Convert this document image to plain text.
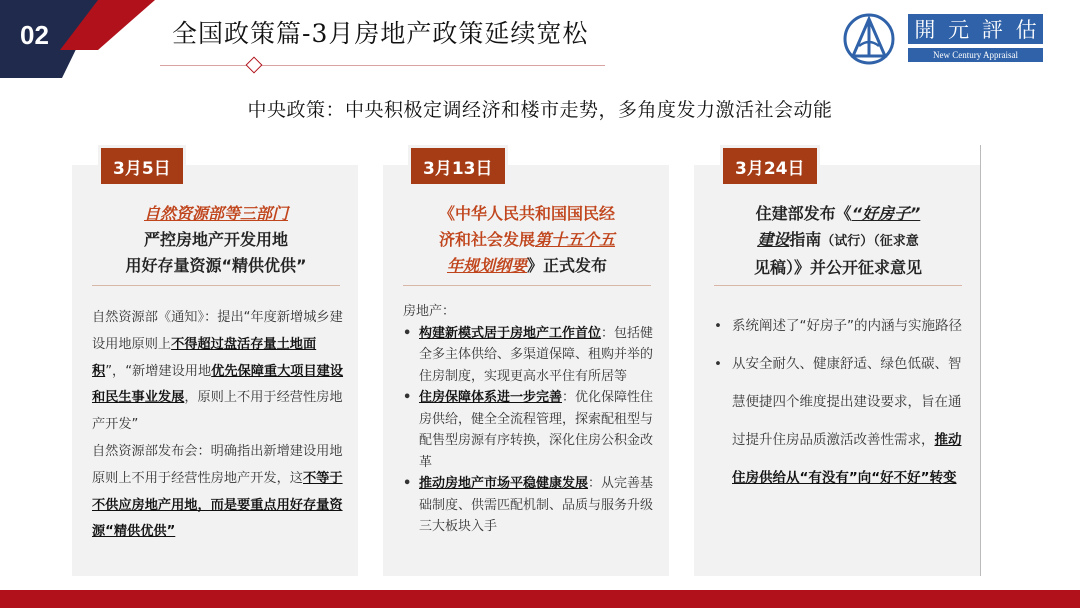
02	全国政策篇-3月房地产政策延续宽松	開 元 評 估
New Century Appraisal
中央政策：中央积极定调经济和楼市走势，多角度发力激活社会动能
自然资源部等三部门
严控房地产开发用地
用好存量资源“精供优供”
自然资源部《通知》：提出“年度新增城乡建设用地原则上不得超过盘活存量土地面积”，“新增建设用地优先保障重大项目建设和民生事业发展，原则上不用于经营性房地产开发”
自然资源部发布会：明确指出新增建设用地原则上不用于经营性房地产开发，这不等于不供应房地产用地，而是要重点用好存量资源“精供优供”
3月5日
《中华人民共和国国民经
济和社会发展第十五个五
年规划纲要》正式发布
房地产：
• 构建新模式居于房地产工作首位：包括健全多主体供给、多渠道保障、租购并举的住房制度，实现更高水平住有所居等
• 住房保障体系进一步完善：优化保障性住房供给，健全全流程管理，探索配租型与配售型房源有序转换，深化住房公积金改革
• 推动房地产市场平稳健康发展：从完善基础制度、供需匹配机制、品质与服务升级三大板块入手
3月13日
住建部发布《“好房子”
建设指南（试行）（征求意
见稿）》并公开征求意见
• 系统阐述了“好房子”的内涵与实施路径
• 从安全耐久、健康舒适、绿色低碳、智慧便捷四个维度提出建设要求，旨在通过提升住房品质激活改善性需求，推动住房供给从“有没有”向“好不好”转变
3月24日
